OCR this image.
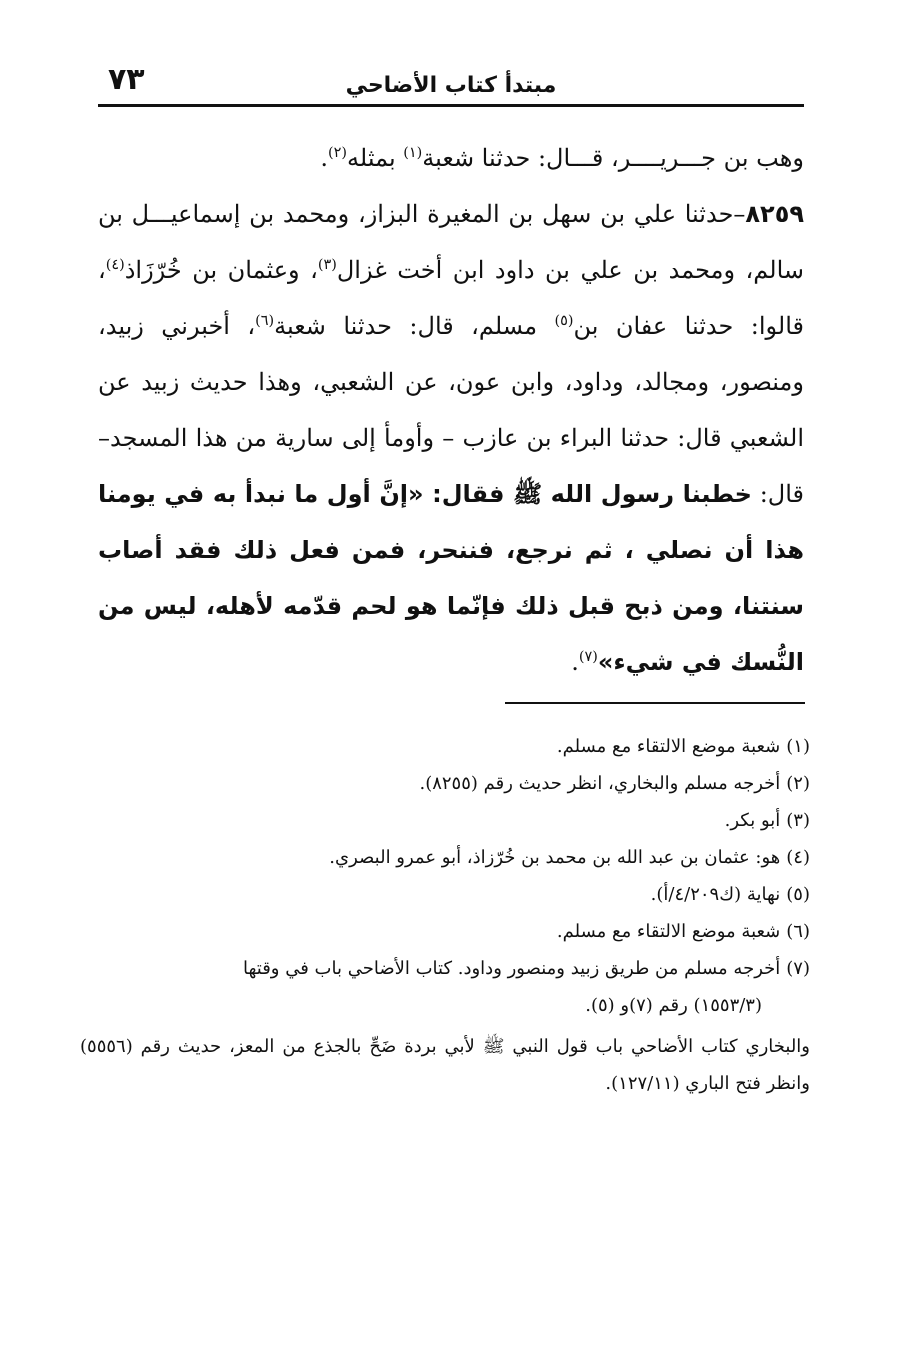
٧٣	مبتدأ كتاب الأضاحي

وهب بن جـــريــــر، قـــال: حدثنا شعبة$^{(١)}$ بمثله$^{(٢)}$.

٨٢٥٩–حدثنا علي بن سهل بن المغيرة البزاز، ومحمد بن إسماعيـــل بن سالم، ومحمد بن علي بن داود ابن أخت غزال$^{(٣)}$، وعثمان بن خُرّزَاذ$^{(٤)}$، قالوا: حدثنا عفان بن$^{(٥)}$ مسلم، قال: حدثنا شعبة$^{(٦)}$، أخبرني زبيد، ومنصور، ومجالد، وداود، وابن عون، عن الشعبي، وهذا حديث زبيد عن الشعبي قال: حدثنا البراء بن عازب – وأومأ إلى سارية من هذا المسجد– قال: خطبنا رسول الله ﷺ فقال: «إنَّ أول ما نبدأ به في يومنا هذا أن نصلي ، ثم نرجع، فننحر، فمن فعل ذلك فقد أصاب سنتنا، ومن ذبح قبل ذلك فإنّما هو لحم قدّمه لأهله، ليس من النُّسك في شيء»$^{(٧)}$.

(١)شعبة موضع الالتقاء مع مسلم.

(٢)أخرجه مسلم والبخاري، انظر حديث رقم (٨٢٥٥).

(٣)أبو بكر.

(٤)هو: عثمان بن عبد الله بن محمد بن خُرّزاذ، أبو عمرو البصري.

(٥)نهاية (ك٤/٢٠٩/أ).

(٦)شعبة موضع الالتقاء مع مسلم.

(٧)أخرجه مسلم من طريق زبيد ومنصور وداود. كتاب الأضاحي باب في وقتها

(١٥٥٣/٣) رقم (٧)و (٥).

والبخاري كتاب الأضاحي باب قول النبي ﷺ لأبي بردة ضَحِّ بالجذع من المعز، حديث رقم (٥٥٥٦) وانظر فتح الباري (١٢٧/١١).
